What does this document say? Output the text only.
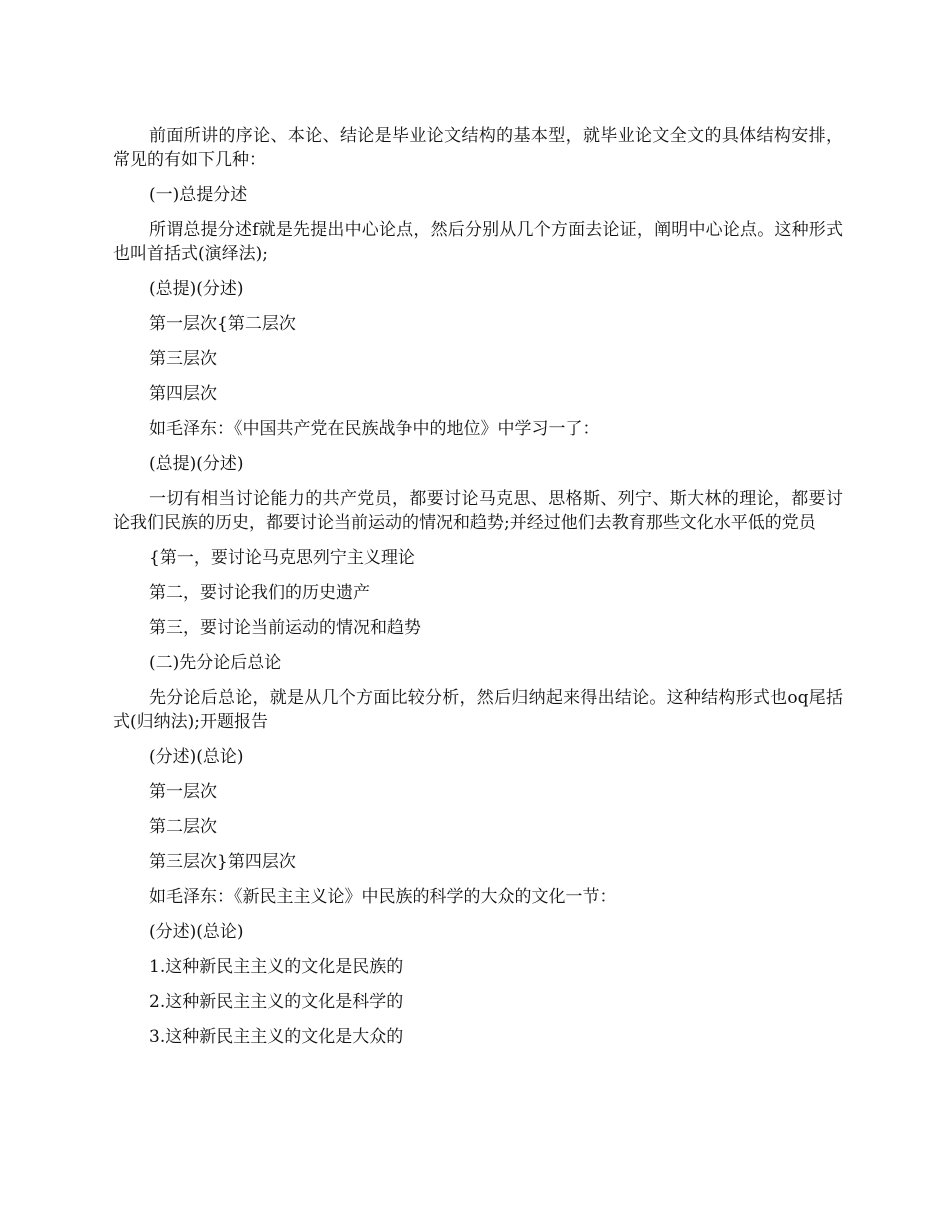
前面所讲的序论、本论、结论是毕业论文结构的基本型，就毕业论文全文的具体结构安排，常见的有如下几种：

(一)总提分述

所谓总提分述f就是先提出中心论点，然后分别从几个方面去论证，阐明中心论点。这种形式也叫首括式(演绎法);

(总提)(分述)

第一层次{第二层次

第三层次

第四层次

如毛泽东：《中国共产党在民族战争中的地位》中学习一了：

(总提)(分述)

一切有相当讨论能力的共产党员，都要讨论马克思、思格斯、列宁、斯大林的理论，都要讨论我们民族的历史，都要讨论当前运动的情况和趋势;并经过他们去教育那些文化水平低的党员

{第一，要讨论马克思列宁主义理论

第二，要讨论我们的历史遗产

第三，要讨论当前运动的情况和趋势

(二)先分论后总论

先分论后总论，就是从几个方面比较分析，然后归纳起来得出结论。这种结构形式也oq尾括式(归纳法);开题报告

(分述)(总论)

第一层次

第二层次

第三层次}第四层次

如毛泽东：《新民主主义论》中民族的科学的大众的文化一节：

(分述)(总论)

1.这种新民主主义的文化是民族的

2.这种新民主主义的文化是科学的

3.这种新民主主义的文化是大众的
